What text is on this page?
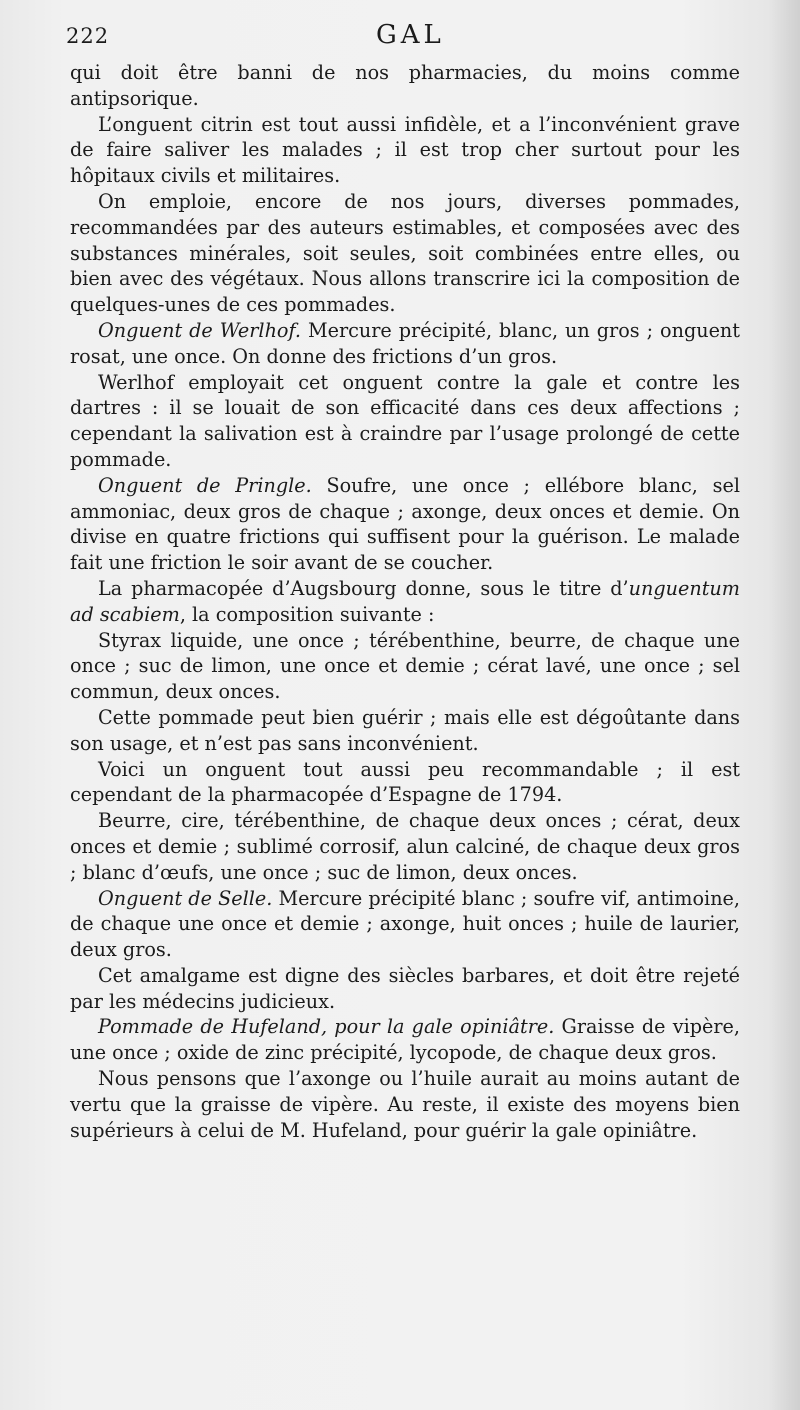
222	GAL

qui doit être banni de nos pharmacies, du moins comme antipsorique.

L’onguent citrin est tout aussi infidèle, et a l’inconvénient grave de faire saliver les malades ; il est trop cher surtout pour les hôpitaux civils et militaires.

On emploie, encore de nos jours, diverses pommades, recommandées par des auteurs estimables, et composées avec des substances minérales, soit seules, soit combinées entre elles, ou bien avec des végétaux. Nous allons transcrire ici la composition de quelques-unes de ces pommades.

Onguent de Werlhof. Mercure précipité, blanc, un gros ; onguent rosat, une once. On donne des frictions d’un gros.

Werlhof employait cet onguent contre la gale et contre les dartres : il se louait de son efficacité dans ces deux affections ; cependant la salivation est à craindre par l’usage prolongé de cette pommade.

Onguent de Pringle. Soufre, une once ; ellébore blanc, sel ammoniac, deux gros de chaque ; axonge, deux onces et demie. On divise en quatre frictions qui suffisent pour la guérison. Le malade fait une friction le soir avant de se coucher.

La pharmacopée d’Augsbourg donne, sous le titre d’unguentum ad scabiem, la composition suivante :

Styrax liquide, une once ; térébenthine, beurre, de chaque une once ; suc de limon, une once et demie ; cérat lavé, une once ; sel commun, deux onces.

Cette pommade peut bien guérir ; mais elle est dégoûtante dans son usage, et n’est pas sans inconvénient.

Voici un onguent tout aussi peu recommandable ; il est cependant de la pharmacopée d’Espagne de 1794.

Beurre, cire, térébenthine, de chaque deux onces ; cérat, deux onces et demie ; sublimé corrosif, alun calciné, de chaque deux gros ; blanc d’œufs, une once ; suc de limon, deux onces.

Onguent de Selle. Mercure précipité blanc ; soufre vif, antimoine, de chaque une once et demie ; axonge, huit onces ; huile de laurier, deux gros.

Cet amalgame est digne des siècles barbares, et doit être rejeté par les médecins judicieux.

Pommade de Hufeland, pour la gale opiniâtre. Graisse de vipère, une once ; oxide de zinc précipité, lycopode, de chaque deux gros.

Nous pensons que l’axonge ou l’huile aurait au moins autant de vertu que la graisse de vipère. Au reste, il existe des moyens bien supérieurs à celui de M. Hufeland, pour guérir la gale opiniâtre.
